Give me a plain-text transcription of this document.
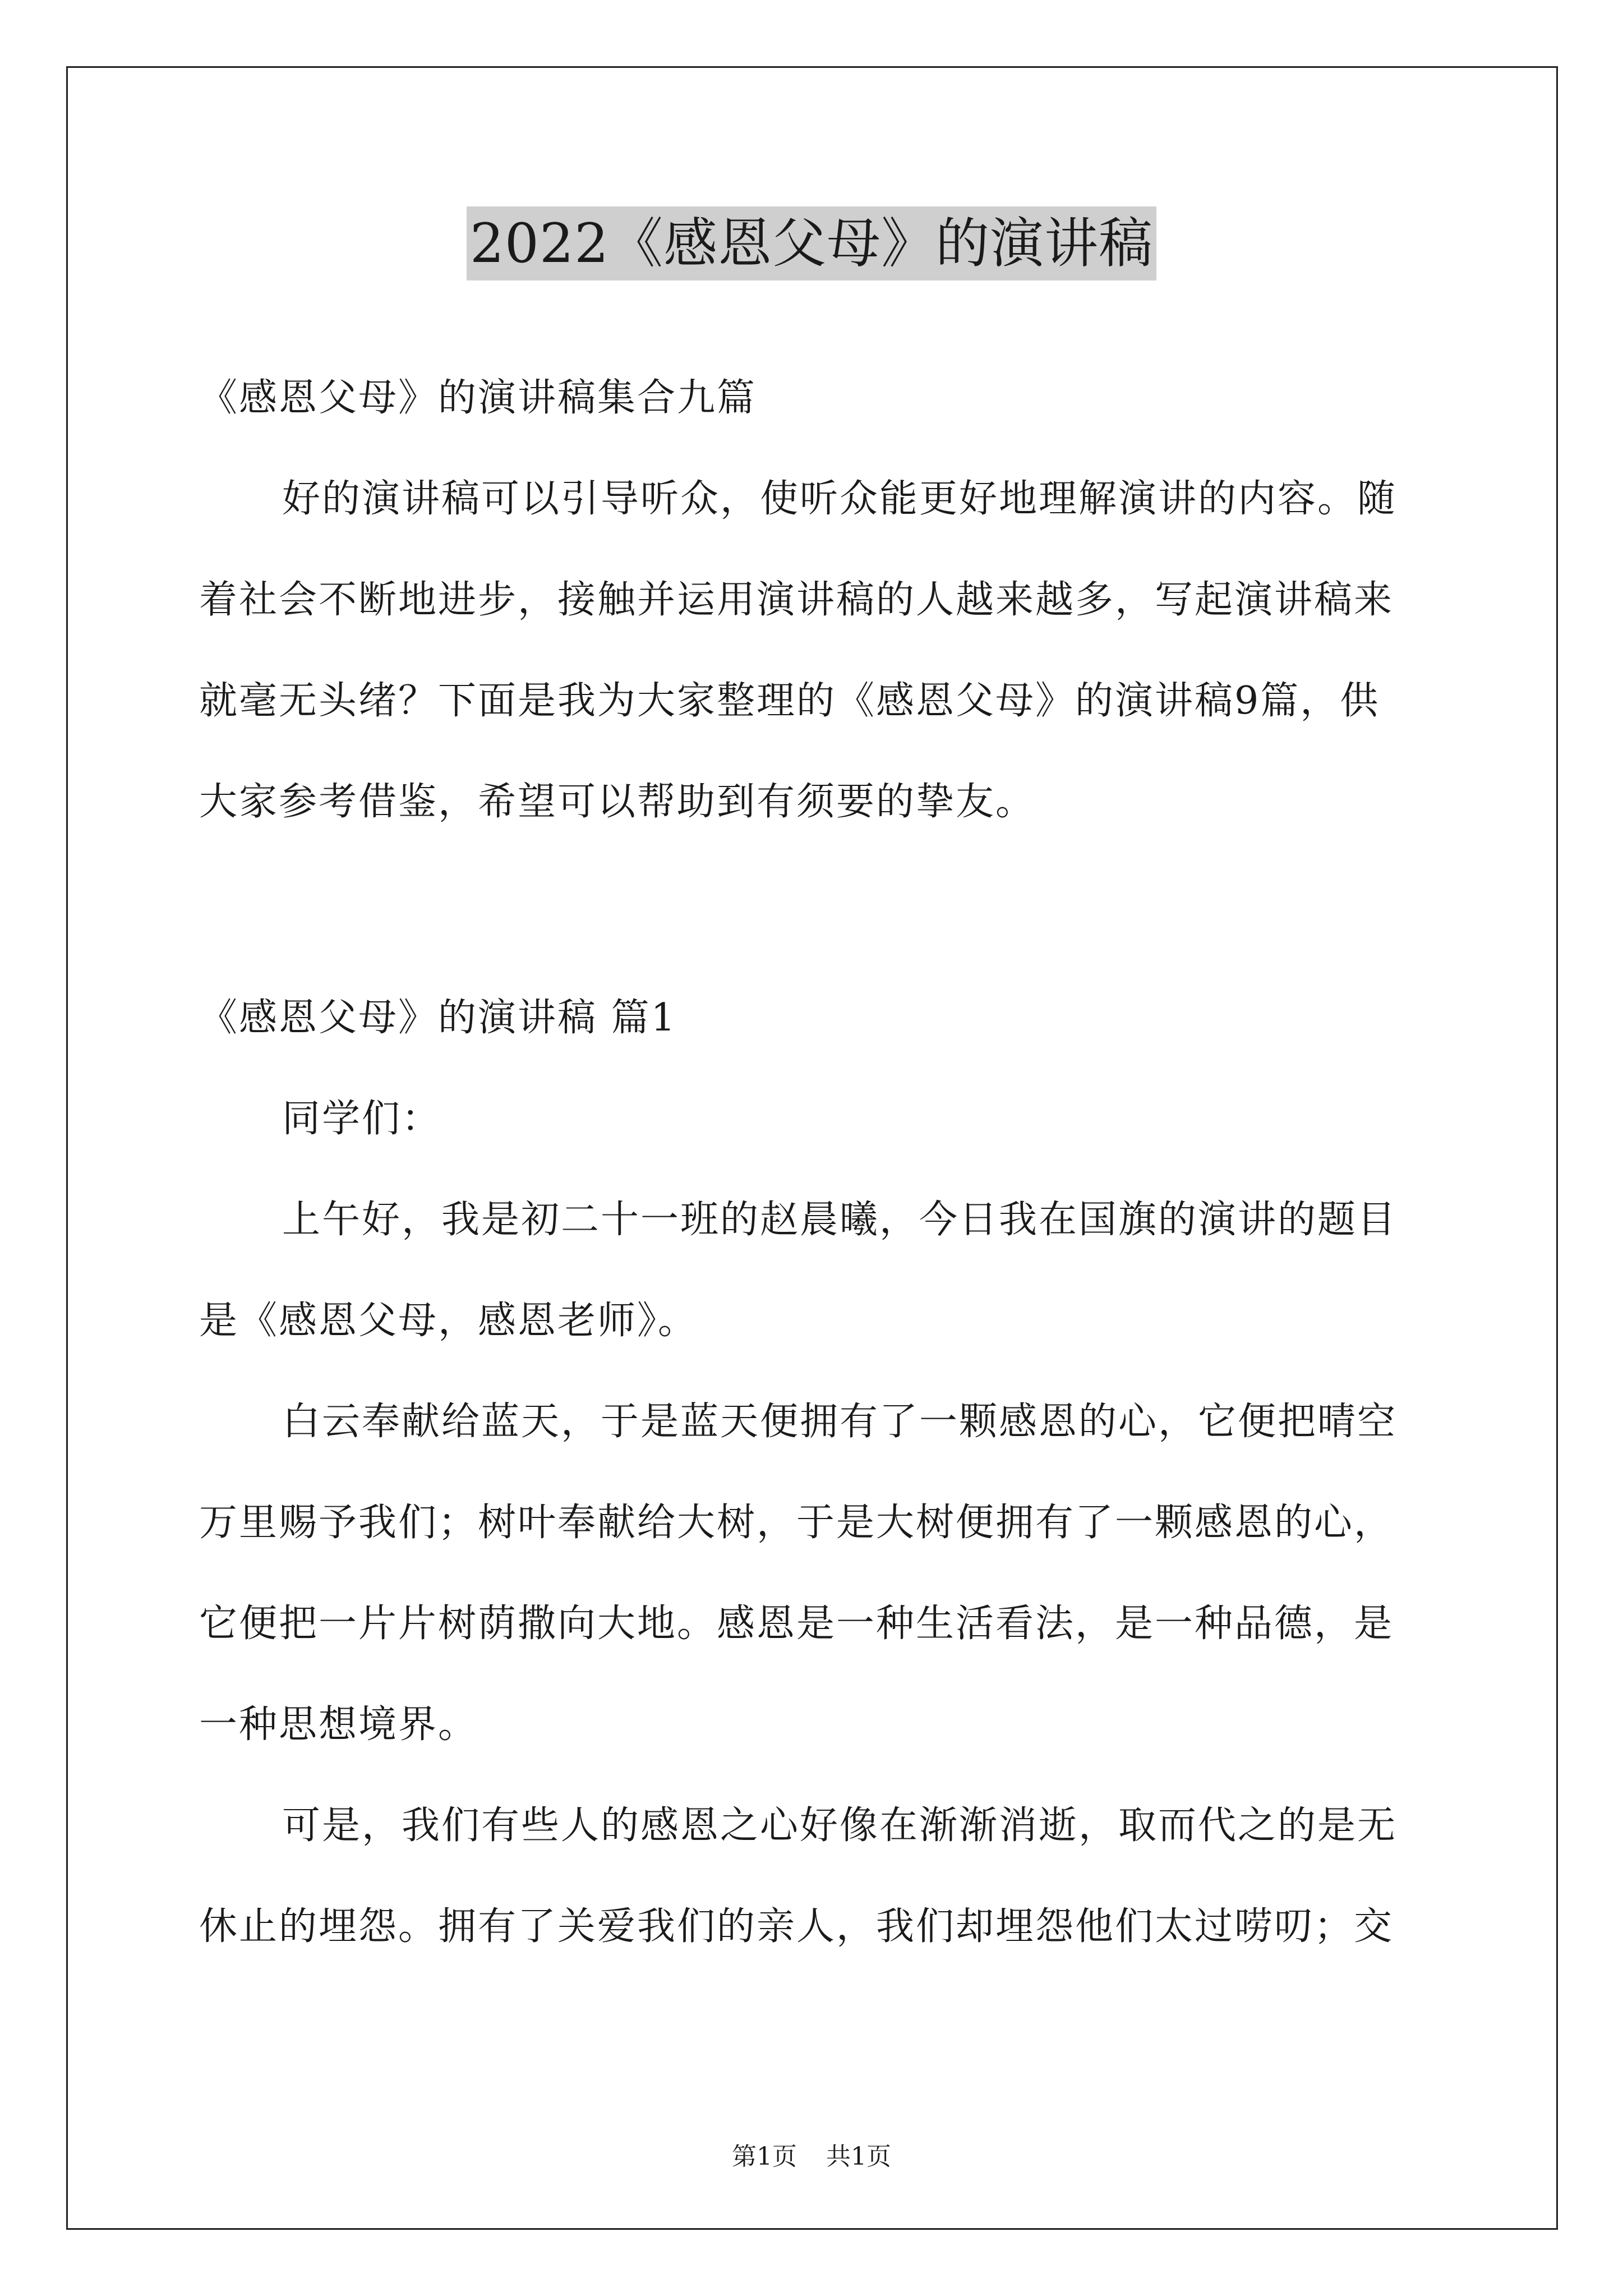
2022《感恩父母》的演讲稿
《感恩父母》的演讲稿集合九篇
好的演讲稿可以引导听众，使听众能更好地理解演讲的内容。随
着社会不断地进步，接触并运用演讲稿的人越来越多，写起演讲稿来
就毫无头绪？下面是我为大家整理的《感恩父母》的演讲稿9篇，供
大家参考借鉴，希望可以帮助到有须要的挚友。
《感恩父母》的演讲稿 篇1
同学们：
上午好，我是初二十一班的赵晨曦，今日我在国旗的演讲的题目
是《感恩父母，感恩老师》。
白云奉献给蓝天，于是蓝天便拥有了一颗感恩的心，它便把晴空
万里赐予我们；树叶奉献给大树，于是大树便拥有了一颗感恩的心，
它便把一片片树荫撒向大地。感恩是一种生活看法，是一种品德，是
一种思想境界。
可是，我们有些人的感恩之心好像在渐渐消逝，取而代之的是无
休止的埋怨。拥有了关爱我们的亲人，我们却埋怨他们太过唠叨；交
第1页 共1页
